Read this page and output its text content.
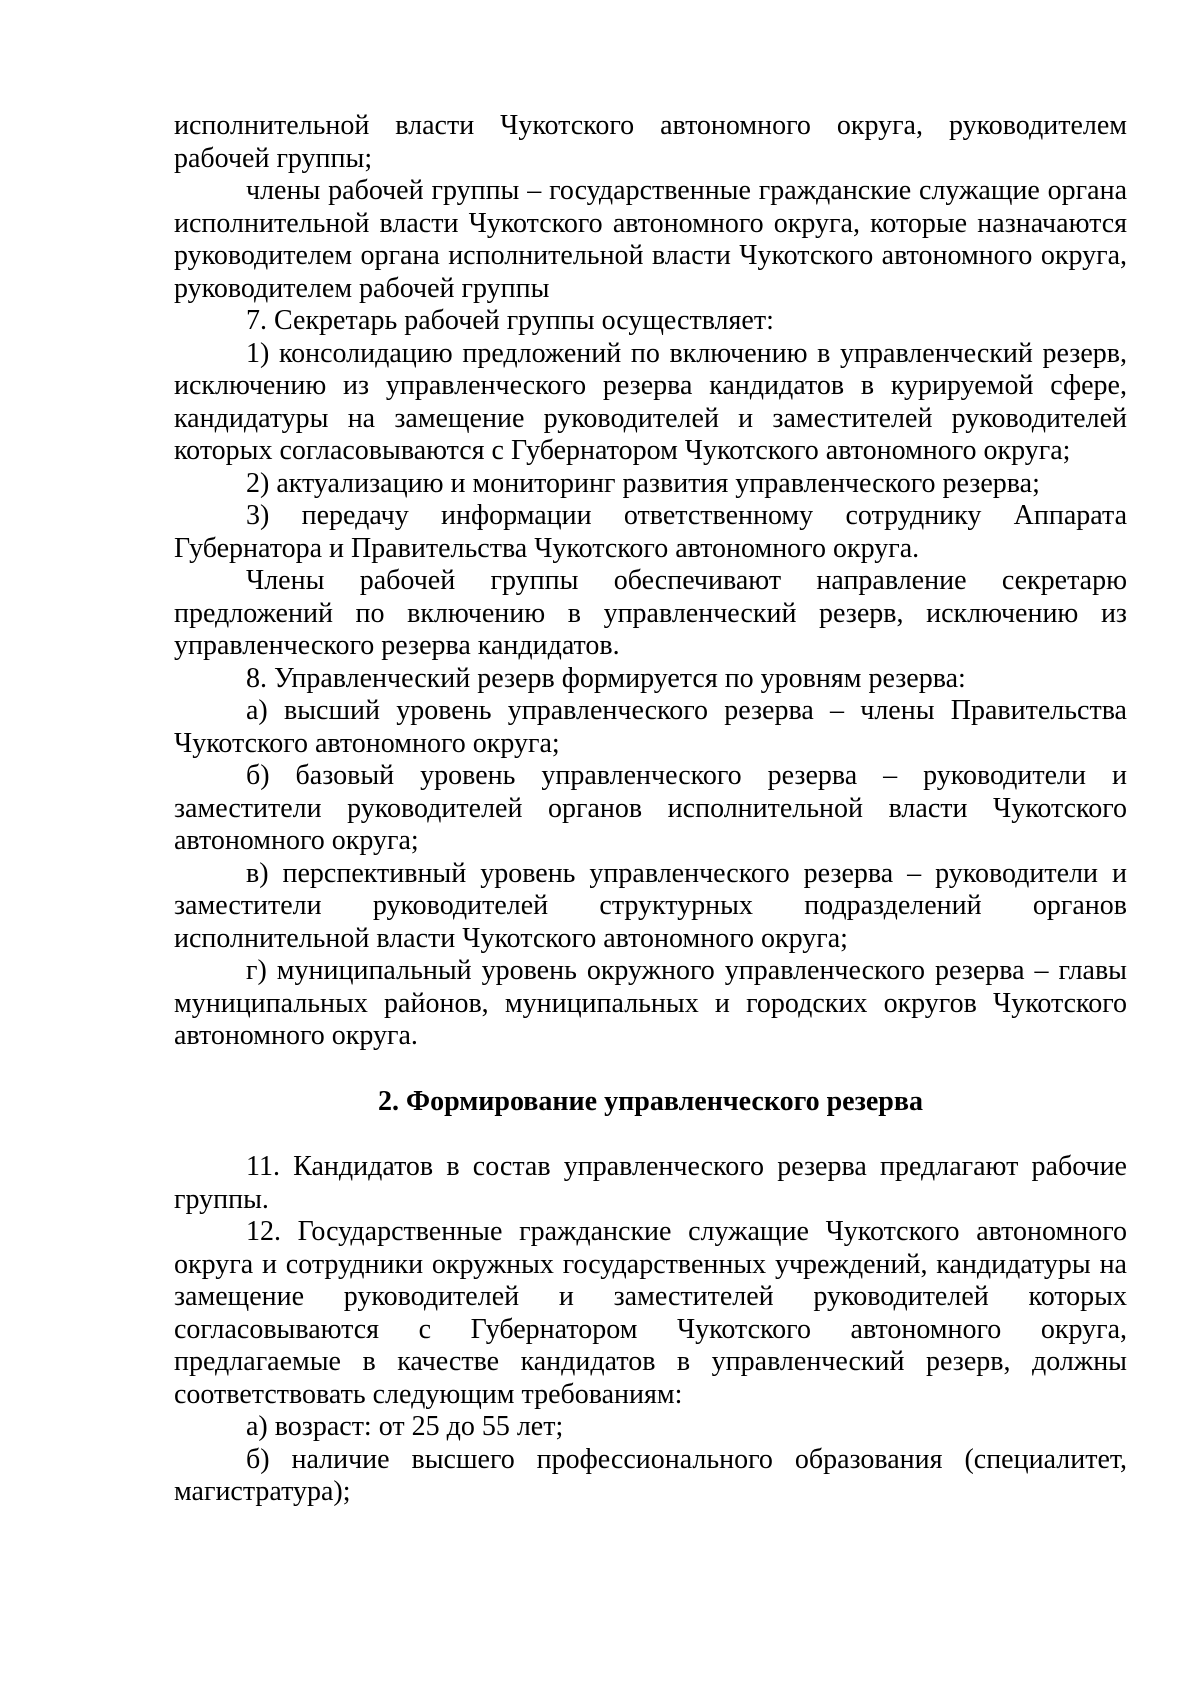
исполнительной власти Чукотского автономного округа, руководителем рабочей группы;

члены рабочей группы – государственные гражданские служащие органа исполнительной власти Чукотского автономного округа, которые назначаются руководителем органа исполнительной власти Чукотского автономного округа, руководителем рабочей группы

7. Секретарь рабочей группы осуществляет:

1) консолидацию предложений по включению в управленческий резерв, исключению из управленческого резерва кандидатов в курируемой сфере, кандидатуры на замещение руководителей и заместителей руководителей которых согласовываются с Губернатором Чукотского автономного округа;

2) актуализацию и мониторинг развития управленческого резерва;

3) передачу информации ответственному сотруднику Аппарата Губернатора и Правительства Чукотского автономного округа.

Члены рабочей группы обеспечивают направление секретарю предложений по включению в управленческий резерв, исключению из управленческого резерва кандидатов.

8. Управленческий резерв формируется по уровням резерва:

а) высший уровень управленческого резерва – члены Правительства Чукотского автономного округа;

б) базовый уровень управленческого резерва – руководители и заместители руководителей органов исполнительной власти Чукотского автономного округа;

в) перспективный уровень управленческого резерва – руководители и заместители руководителей структурных подразделений органов исполнительной власти Чукотского автономного округа;

г) муниципальный уровень окружного управленческого резерва – главы муниципальных районов, муниципальных и городских округов Чукотского автономного округа.

2. Формирование управленческого резерва

11. Кандидатов в состав управленческого резерва предлагают рабочие группы.

12. Государственные гражданские служащие Чукотского автономного округа и сотрудники окружных государственных учреждений, кандидатуры на замещение руководителей и заместителей руководителей которых согласовываются с Губернатором Чукотского автономного округа, предлагаемые в качестве кандидатов в управленческий резерв, должны соответствовать следующим требованиям:

а) возраст: от 25 до 55 лет;

б) наличие высшего профессионального образования (специалитет, магистратура);
